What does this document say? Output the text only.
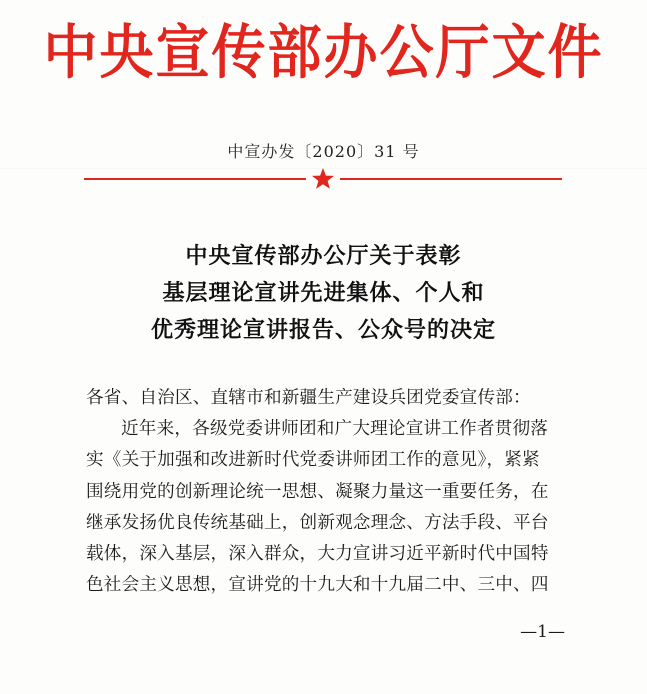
中央宣传部办公厅文件
中宣办发〔2020〕31 号
中央宣传部办公厅关于表彰
基层理论宣讲先进集体、个人和
优秀理论宣讲报告、公众号的决定
各省、自治区、直辖市和新疆生产建设兵团党委宣传部：
近年来，各级党委讲师团和广大理论宣讲工作者贯彻落
实《关于加强和改进新时代党委讲师团工作的意见》，紧紧
围绕用党的创新理论统一思想、凝聚力量这一重要任务，在
继承发扬优良传统基础上，创新观念理念、方法手段、平台
载体，深入基层，深入群众，大力宣讲习近平新时代中国特
色社会主义思想，宣讲党的十九大和十九届二中、三中、四
—1—
